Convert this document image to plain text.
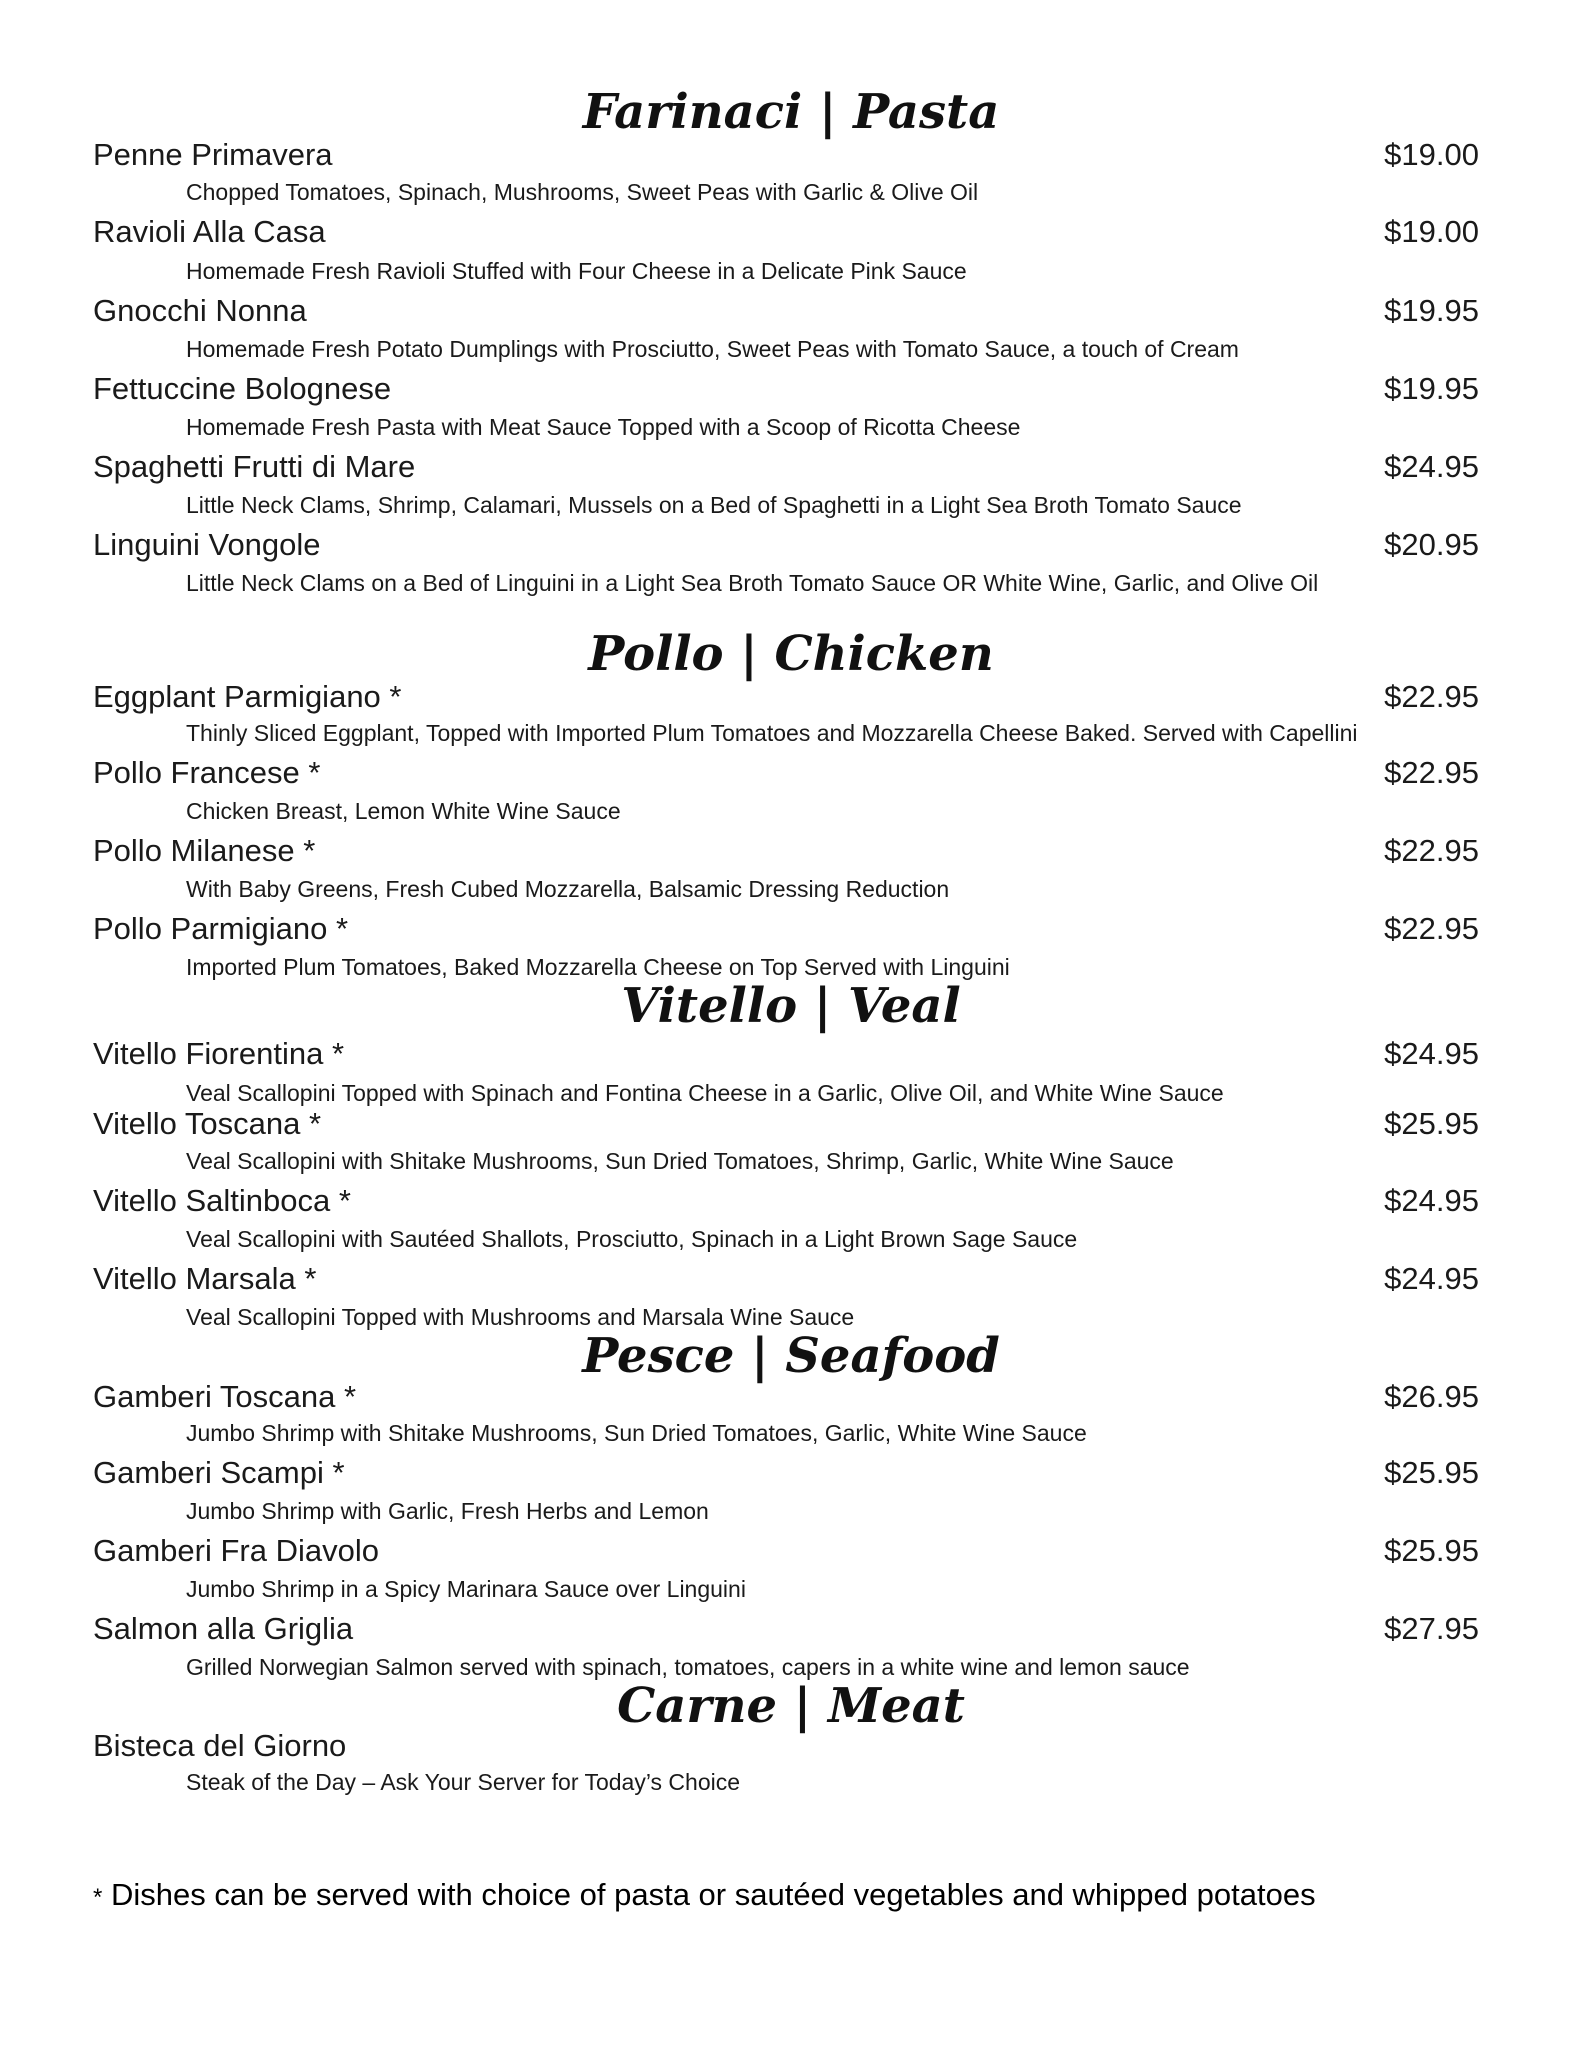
Farinaci | Pasta
Penne Primavera	$19.00
Chopped Tomatoes, Spinach, Mushrooms, Sweet Peas with Garlic & Olive Oil
Ravioli Alla Casa	$19.00
Homemade Fresh Ravioli Stuffed with Four Cheese in a Delicate Pink Sauce
Gnocchi Nonna	$19.95
Homemade Fresh Potato Dumplings with Prosciutto, Sweet Peas with Tomato Sauce, a touch of Cream
Fettuccine Bolognese	$19.95
Homemade Fresh Pasta with Meat Sauce Topped with a Scoop of Ricotta Cheese
Spaghetti Frutti di Mare	$24.95
Little Neck Clams, Shrimp, Calamari, Mussels on a Bed of Spaghetti in a Light Sea Broth Tomato Sauce
Linguini Vongole	$20.95
Little Neck Clams on a Bed of Linguini in a Light Sea Broth Tomato Sauce OR White Wine, Garlic, and Olive Oil
Pollo | Chicken
Eggplant Parmigiano *	$22.95
Thinly Sliced Eggplant, Topped with Imported Plum Tomatoes and Mozzarella Cheese Baked. Served with Capellini
Pollo Francese *	$22.95
Chicken Breast, Lemon White Wine Sauce
Pollo Milanese *	$22.95
With Baby Greens, Fresh Cubed Mozzarella, Balsamic Dressing Reduction
Pollo Parmigiano *	$22.95
Imported Plum Tomatoes, Baked Mozzarella Cheese on Top Served with Linguini
Vitello | Veal
Vitello Fiorentina *	$24.95
Veal Scallopini Topped with Spinach and Fontina Cheese in a Garlic, Olive Oil, and White Wine Sauce
Vitello Toscana *	$25.95
Veal Scallopini with Shitake Mushrooms, Sun Dried Tomatoes, Shrimp, Garlic, White Wine Sauce
Vitello Saltinboca *	$24.95
Veal Scallopini with Sautéed Shallots, Prosciutto, Spinach in a Light Brown Sage Sauce
Vitello Marsala *	$24.95
Veal Scallopini Topped with Mushrooms and Marsala Wine Sauce
Pesce | Seafood
Gamberi Toscana *	$26.95
Jumbo Shrimp with Shitake Mushrooms, Sun Dried Tomatoes, Garlic, White Wine Sauce
Gamberi Scampi *	$25.95
Jumbo Shrimp with Garlic, Fresh Herbs and Lemon
Gamberi Fra Diavolo	$25.95
Jumbo Shrimp in a Spicy Marinara Sauce over Linguini
Salmon alla Griglia	$27.95
Grilled Norwegian Salmon served with spinach, tomatoes, capers in a white wine and lemon sauce
Carne | Meat
Bisteca del Giorno
Steak of the Day – Ask Your Server for Today’s Choice
* Dishes can be served with choice of pasta or sautéed vegetables and whipped potatoes
